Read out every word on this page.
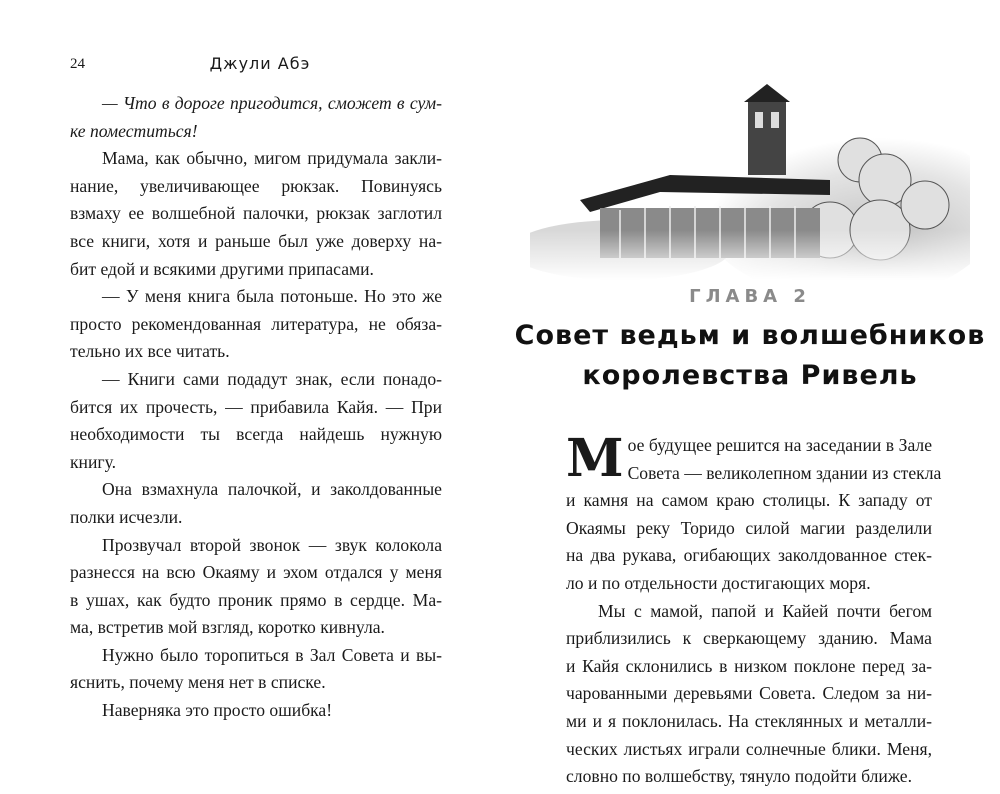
24	Джули Абэ
— Что в дороге пригодится, сможет в сум-
ке поместиться!
Мама, как обычно, мигом придумала закли-
нание, увеличивающее рюкзак. Повинуясь
взмаху ее волшебной палочки, рюкзак заглотил
все книги, хотя и раньше был уже доверху на-
бит едой и всякими другими припасами.
— У меня книга была потоньше. Но это же
просто рекомендованная литература, не обяза-
тельно их все читать.
— Книги сами подадут знак, если понадо-
бится их прочесть, — прибавила Кайя. — При
необходимости ты всегда найдешь нужную
книгу.
Она взмахнула палочкой, и заколдованные
полки исчезли.
Прозвучал второй звонок — звук колокола
разнесся на всю Окаяму и эхом отдался у меня
в ушах, как будто проник прямо в сердце. Ма-
ма, встретив мой взгляд, коротко кивнула.
Нужно было торопиться в Зал Совета и вы-
яснить, почему меня нет в списке.
Наверняка это просто ошибка!
ГЛАВА 2
Совет ведьм и волшебников
королевства Ривель
М ое будущее решится на заседании в Зале
Совета — великолепном здании из стекла
и камня на самом краю столицы. К западу от
Окаямы реку Торидо силой магии разделили
на два рукава, огибающих заколдованное стек-
ло и по отдельности достигающих моря.
Мы с мамой, папой и Кайей почти бегом
приблизились к сверкающему зданию. Мама
и Кайя склонились в низком поклоне перед за-
чарованными деревьями Совета. Следом за ни-
ми и я поклонилась. На стеклянных и металли-
ческих листьях играли солнечные блики. Меня,
словно по волшебству, тянуло подойти ближе.
